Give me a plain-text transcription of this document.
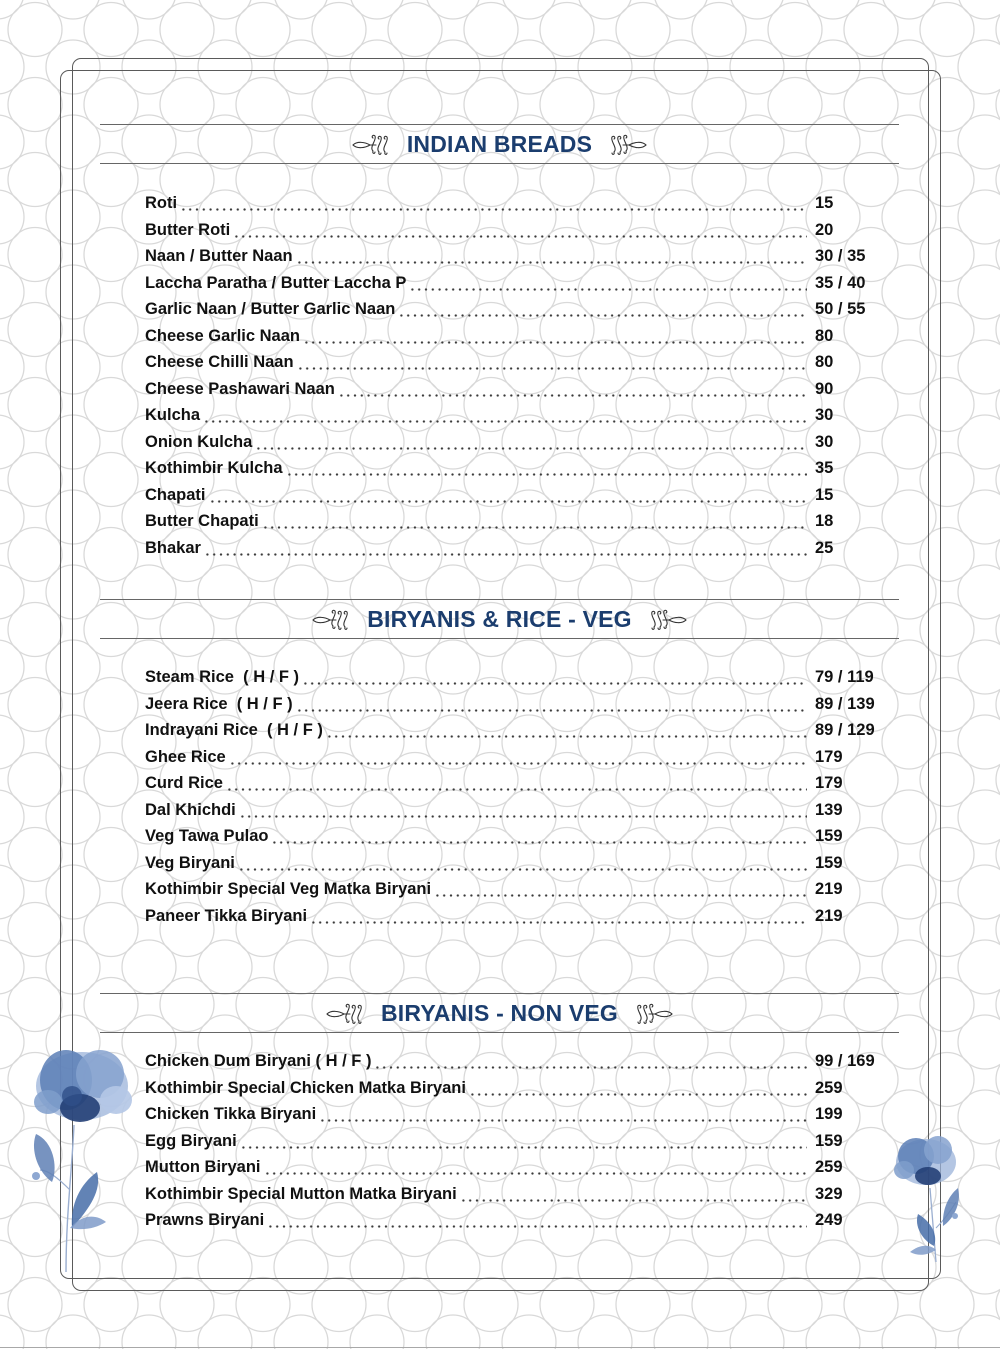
INDIAN BREADS
Roti	15
Butter Roti	20
Naan / Butter Naan	30 / 35
Laccha Paratha / Butter Laccha P	35 / 40
Garlic Naan / Butter Garlic Naan	50 / 55
Cheese Garlic Naan	80
Cheese Chilli Naan	80
Cheese Pashawari Naan	90
Kulcha	30
Onion Kulcha	30
Kothimbir Kulcha	35
Chapati	15
Butter Chapati	18
Bhakar	25
BIRYANIS & RICE - VEG
Steam Rice  ( H / F )	79 / 119
Jeera Rice  ( H / F )	89 / 139
Indrayani Rice  ( H / F )	89 / 129
Ghee Rice	179
Curd Rice	179
Dal Khichdi	139
Veg Tawa Pulao	159
Veg Biryani	159
Kothimbir Special Veg Matka Biryani	219
Paneer Tikka Biryani	219
BIRYANIS - NON VEG
Chicken Dum Biryani ( H / F )	99 / 169
Kothimbir Special Chicken Matka Biryani	259
Chicken Tikka Biryani	199
Egg Biryani	159
Mutton Biryani	259
Kothimbir Special Mutton Matka Biryani	329
Prawns Biryani	249
